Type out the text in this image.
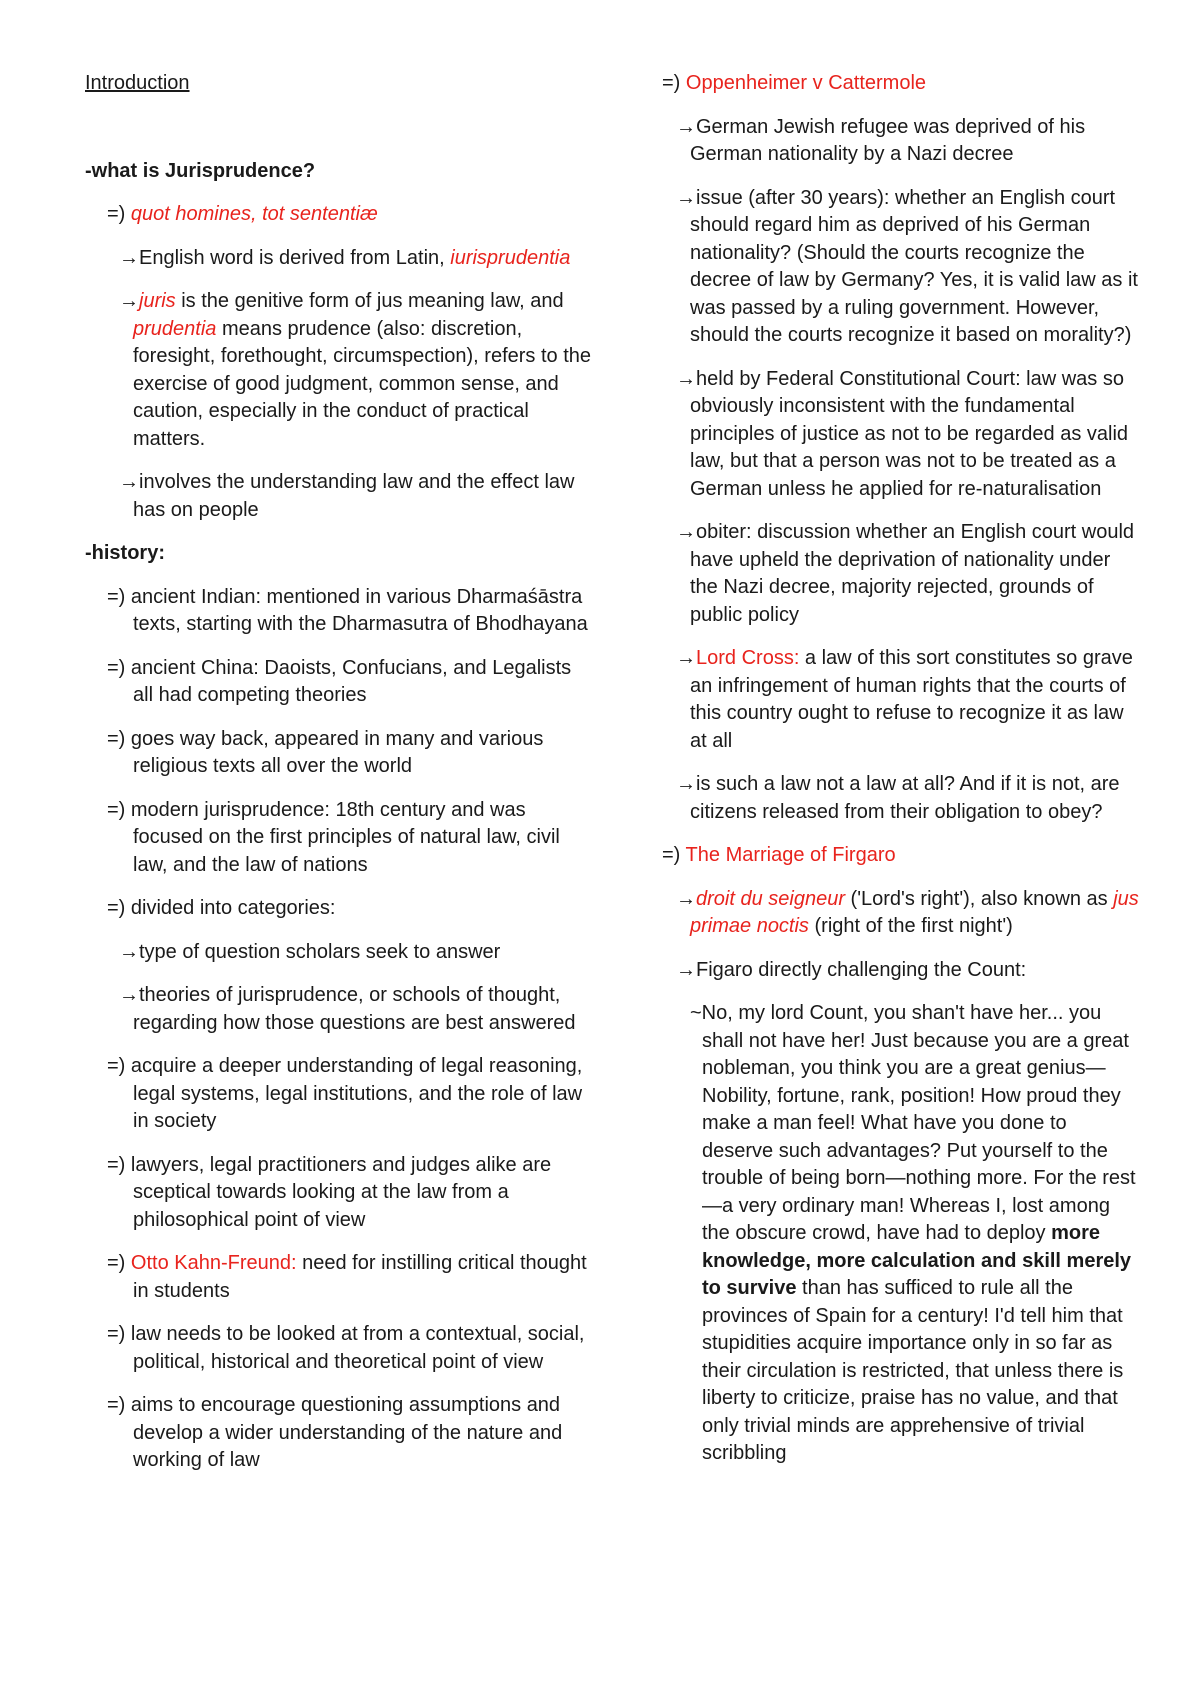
Introduction

-what is Jurisprudence?

=) quot homines, tot sententiæ

→English word is derived from Latin, iurisprudentia

→juris is the genitive form of jus meaning law, and prudentia means prudence (also: discretion, foresight, forethought, circumspection), refers to the exercise of good judgment, common sense, and caution, especially in the conduct of practical matters.

→involves the understanding law and the effect law has on people

-history:

=) ancient Indian: mentioned in various Dharmaśāstra texts, starting with the Dharmasutra of Bhodhayana

=) ancient China: Daoists, Confucians, and Legalists all had competing theories

=) goes way back, appeared in many and various religious texts all over the world

=) modern jurisprudence: 18th century and was focused on the first principles of natural law, civil law, and the law of nations

=) divided into categories:

→type of question scholars seek to answer

→theories of jurisprudence, or schools of thought, regarding how those questions are best answered

=) acquire a deeper understanding of legal reasoning, legal systems, legal institutions, and the role of law in society

=) lawyers, legal practitioners and judges alike are sceptical towards looking at the law from a philosophical point of view

=) Otto Kahn-Freund: need for instilling critical thought in students

=) law needs to be looked at from a contextual, social, political, historical and theoretical point of view

=) aims to encourage questioning assumptions and develop a wider understanding of the nature and working of law

=) Oppenheimer v Cattermole

→German Jewish refugee was deprived of his German nationality by a Nazi decree

→issue (after 30 years): whether an English court should regard him as deprived of his German nationality? (Should the courts recognize the decree of law by Germany? Yes, it is valid law as it was passed by a ruling government. However, should the courts recognize it based on morality?)

→held by Federal Constitutional Court: law was so obviously inconsistent with the fundamental principles of justice as not to be regarded as valid law, but that a person was not to be treated as a German unless he applied for re-naturalisation

→obiter: discussion whether an English court would have upheld the deprivation of nationality under the Nazi decree, majority rejected, grounds of public policy

→Lord Cross: a law of this sort constitutes so grave an infringement of human rights that the courts of this country ought to refuse to recognize it as law at all

→is such a law not a law at all? And if it is not, are citizens released from their obligation to obey?

=) The Marriage of Firgaro

→droit du seigneur ('Lord's right'), also known as jus primae noctis (right of the first night')

→Figaro directly challenging the Count:

~No, my lord Count, you shan't have her... you shall not have her! Just because you are a great nobleman, you think you are a great genius—Nobility, fortune, rank, position! How proud they make a man feel! What have you done to deserve such advantages? Put yourself to the trouble of being born—nothing more. For the rest—a very ordinary man! Whereas I, lost among the obscure crowd, have had to deploy more knowledge, more calculation and skill merely to survive than has sufficed to rule all the provinces of Spain for a century! I'd tell him that stupidities acquire importance only in so far as their circulation is restricted, that unless there is liberty to criticize, praise has no value, and that only trivial minds are apprehensive of trivial scribbling
